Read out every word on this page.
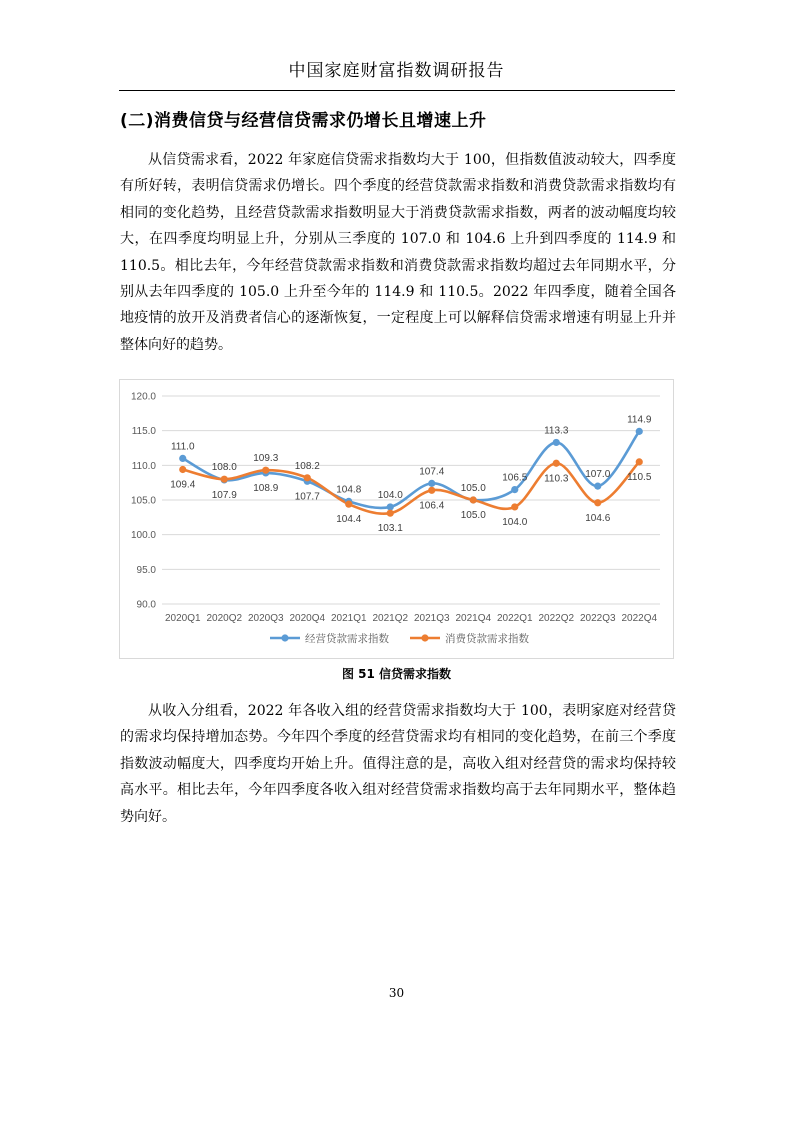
中国家庭财富指数调研报告
(二)消费信贷与经营信贷需求仍增长且增速上升

从信贷需求看，2022 年家庭信贷需求指数均大于 100，但指数值波动较大，四季度有所好转，表明信贷需求仍增长。四个季度的经营贷款需求指数和消费贷款需求指数均有相同的变化趋势，且经营贷款需求指数明显大于消费贷款需求指数，两者的波动幅度均较大，在四季度均明显上升，分别从三季度的 107.0 和 104.6 上升到四季度的 114.9 和 110.5。相比去年，今年经营贷款需求指数和消费贷款需求指数均超过去年同期水平，分别从去年四季度的 105.0 上升至今年的 114.9 和 110.5。2022 年四季度，随着全国各地疫情的放开及消费者信心的逐渐恢复，一定程度上可以解释信贷需求增速有明显上升并整体向好的趋势。

90.0
95.0
100.0
105.0
110.0
115.0
120.0
2020Q1 2020Q2 2020Q3 2020Q4 2021Q1 2021Q2 2021Q3 2021Q4 2022Q1 2022Q2 2022Q3 2022Q4
111.0
107.9
108.9
107.7
104.8
104.0
107.4
105.0
106.5
113.3
107.0
114.9
109.4
108.0
109.3
108.2
104.4
103.1
106.4
105.0
104.0
110.3
104.6
110.5
经营贷款需求指数	消费贷款需求指数
图 51 信贷需求指数

从收入分组看，2022 年各收入组的经营贷需求指数均大于 100，表明家庭对经营贷的需求均保持增加态势。今年四个季度的经营贷需求均有相同的变化趋势，在前三个季度指数波动幅度大，四季度均开始上升。值得注意的是，高收入组对经营贷的需求均保持较高水平。相比去年，今年四季度各收入组对经营贷需求指数均高于去年同期水平，整体趋势向好。

30
